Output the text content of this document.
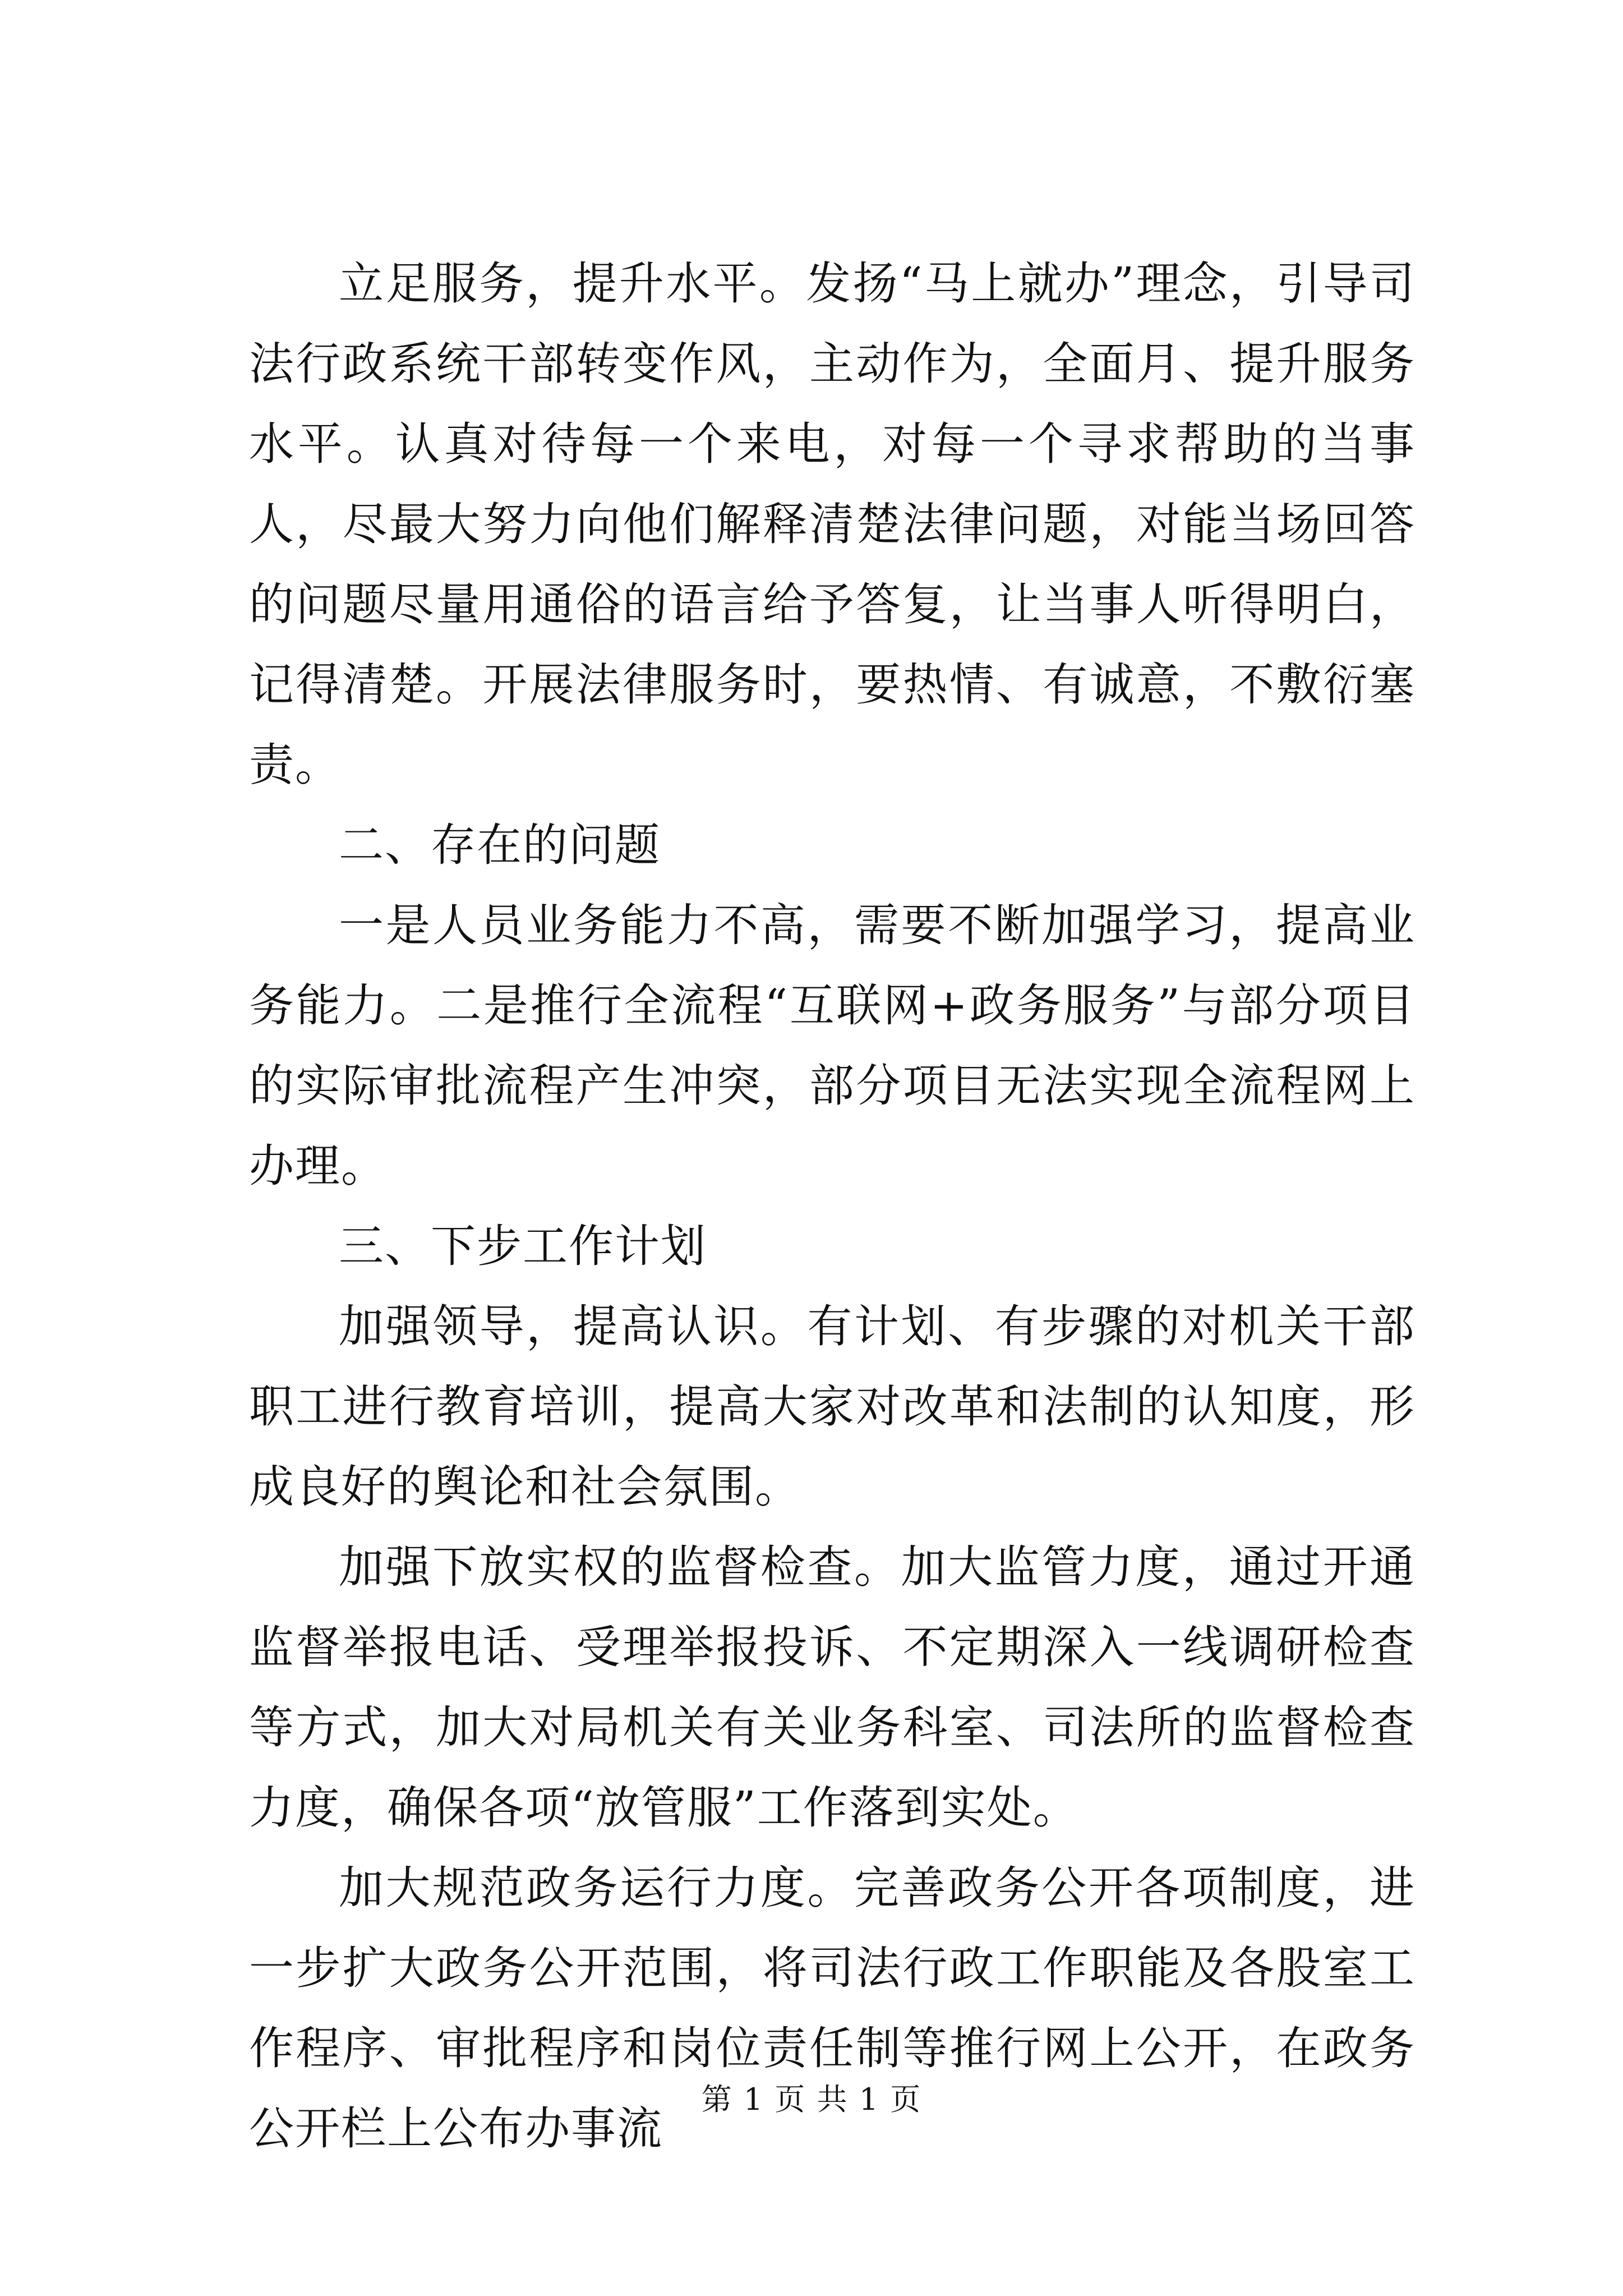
立足服务，提升水平。发扬“马上就办”理念，引导司法行政系统干部转变作风，主动作为，全面月、提升服务水平。认真对待每一个来电，对每一个寻求帮助的当事人，尽最大努力向他们解释清楚法律问题，对能当场回答的问题尽量用通俗的语言给予答复，让当事人听得明白，记得清楚。开展法律服务时，要热情、有诚意，不敷衍塞责。

二、存在的问题

一是人员业务能力不高，需要不断加强学习，提高业务能力。二是推行全流程“互联网+政务服务”与部分项目的实际审批流程产生冲突，部分项目无法实现全流程网上办理。

三、下步工作计划

加强领导，提高认识。有计划、有步骤的对机关干部职工进行教育培训，提高大家对改革和法制的认知度，形成良好的舆论和社会氛围。

加强下放实权的监督检查。加大监管力度，通过开通监督举报电话、受理举报投诉、不定期深入一线调研检查等方式，加大对局机关有关业务科室、司法所的监督检查力度，确保各项“放管服”工作落到实处。

加大规范政务运行力度。完善政务公开各项制度，进一步扩大政务公开范围，将司法行政工作职能及各股室工作程序、审批程序和岗位责任制等推行网上公开，在政务公开栏上公布办事流

第 1 页 共 1 页
